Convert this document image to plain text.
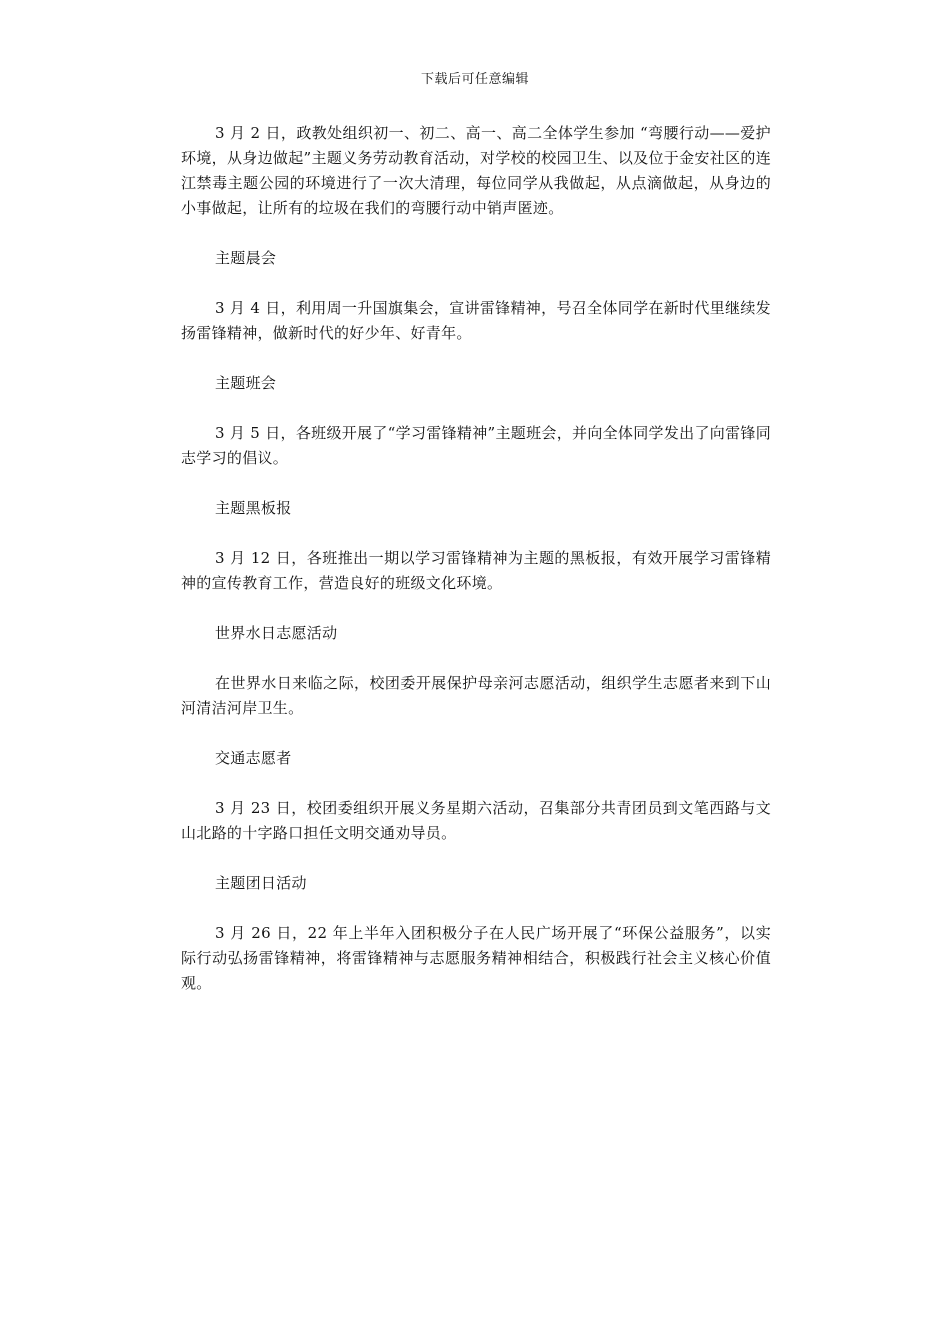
下载后可任意编辑

3 月 2 日，政教处组织初一、初二、高一、高二全体学生参加 “弯腰行动——爱护环境，从身边做起”主题义务劳动教育活动，对学校的校园卫生、以及位于金安社区的连江禁毒主题公园的环境进行了一次大清理，每位同学从我做起，从点滴做起，从身边的小事做起，让所有的垃圾在我们的弯腰行动中销声匿迹。

主题晨会

3 月 4 日，利用周一升国旗集会，宣讲雷锋精神，号召全体同学在新时代里继续发扬雷锋精神，做新时代的好少年、好青年。

主题班会

3 月 5 日，各班级开展了“学习雷锋精神”主题班会，并向全体同学发出了向雷锋同志学习的倡议。

主题黑板报

3 月 12 日，各班推出一期以学习雷锋精神为主题的黑板报，有效开展学习雷锋精神的宣传教育工作，营造良好的班级文化环境。

世界水日志愿活动

在世界水日来临之际，校团委开展保护母亲河志愿活动，组织学生志愿者来到下山河清洁河岸卫生。

交通志愿者

3 月 23 日，校团委组织开展义务星期六活动，召集部分共青团员到文笔西路与文山北路的十字路口担任文明交通劝导员。

主题团日活动

3 月 26 日，22 年上半年入团积极分子在人民广场开展了“环保公益服务”，以实际行动弘扬雷锋精神，将雷锋精神与志愿服务精神相结合，积极践行社会主义核心价值观。
